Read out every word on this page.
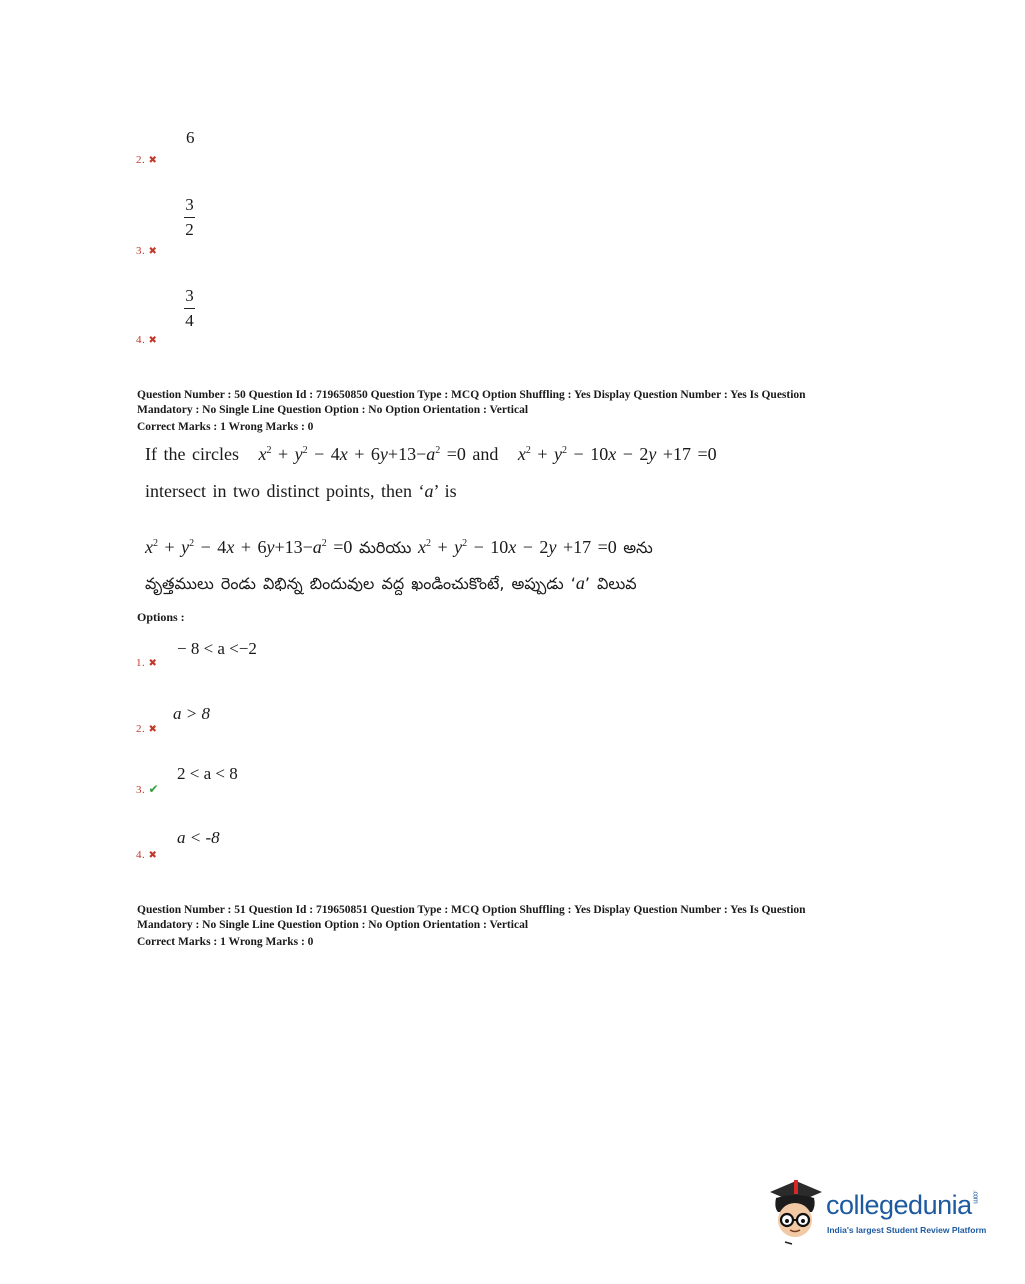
6
2. ✖
3
2
3. ✖
3
4
4. ✖
Question Number : 50 Question Id : 719650850 Question Type : MCQ Option Shuffling : Yes Display Question Number : Yes Is Question
Mandatory : No Single Line Question Option : No Option Orientation : Vertical
Correct Marks : 1 Wrong Marks : 0
If the circles $x^2 + y^2 - 4x + 6y+13-a^2 =0$ and $x^2 + y^2 - 10x - 2y +17 =0$
intersect in two distinct points, then ‘a’ is
$x^2 + y^2 - 4x + 6y+13-a^2 =0$ మరియు $x^2 + y^2 - 10x - 2y +17 =0$ అను
వృత్తములు రెండు విభిన్న బిందువుల వద్ద ఖండించుకొంటే, అప్పుడు ‘a’ విలువ
Options :
− 8 < a <−2
1. ✖
a > 8
2. ✖
2 < a < 8
3. ✔
a < -8
4. ✖
Question Number : 51 Question Id : 719650851 Question Type : MCQ Option Shuffling : Yes Display Question Number : Yes Is Question
Mandatory : No Single Line Question Option : No Option Orientation : Vertical
Correct Marks : 1 Wrong Marks : 0
collegedunia.com
India's largest Student Review Platform
